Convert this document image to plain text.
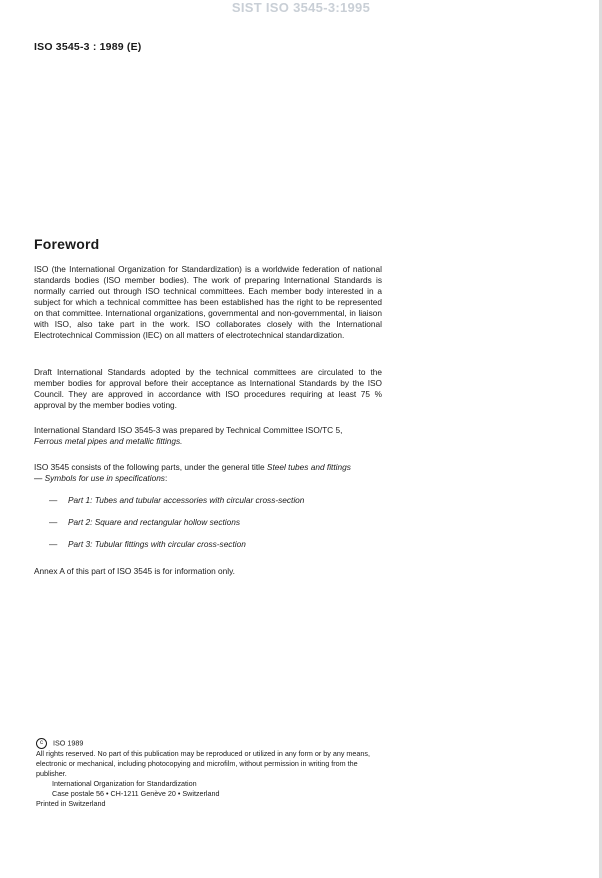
SIST ISO 3545-3:1995
ISO 3545-3 : 1989 (E)
Foreword

ISO (the International Organization for Standardization) is a worldwide federation of national standards bodies (ISO member bodies). The work of preparing International Standards is normally carried out through ISO technical committees. Each member body interested in a subject for which a technical committee has been established has the right to be represented on that committee. International organizations, governmental and non-governmental, in liaison with ISO, also take part in the work. ISO collaborates closely with the International Electrotechnical Commission (IEC) on all matters of electrotechnical standardization.

Draft International Standards adopted by the technical committees are circulated to the member bodies for approval before their acceptance as International Standards by the ISO Council. They are approved in accordance with ISO procedures requiring at least 75 % approval by the member bodies voting.

International Standard ISO 3545-3 was prepared by Technical Committee ISO/TC 5,
Ferrous metal pipes and metallic fittings.
ISO 3545 consists of the following parts, under the general title Steel tubes and fittings
— Symbols for use in specifications:
—	Part 1: Tubes and tubular accessories with circular cross-section
—	Part 2: Square and rectangular hollow sections
—	Part 3: Tubular fittings with circular cross-section

Annex A of this part of ISO 3545 is for information only.

c ISO 1989

All rights reserved. No part of this publication may be reproduced or utilized in any form or by any means, electronic or mechanical, including photocopying and microfilm, without permission in writing from the publisher.

International Organization for Standardization

Case postale 56 • CH-1211 Genève 20 • Switzerland

Printed in Switzerland
